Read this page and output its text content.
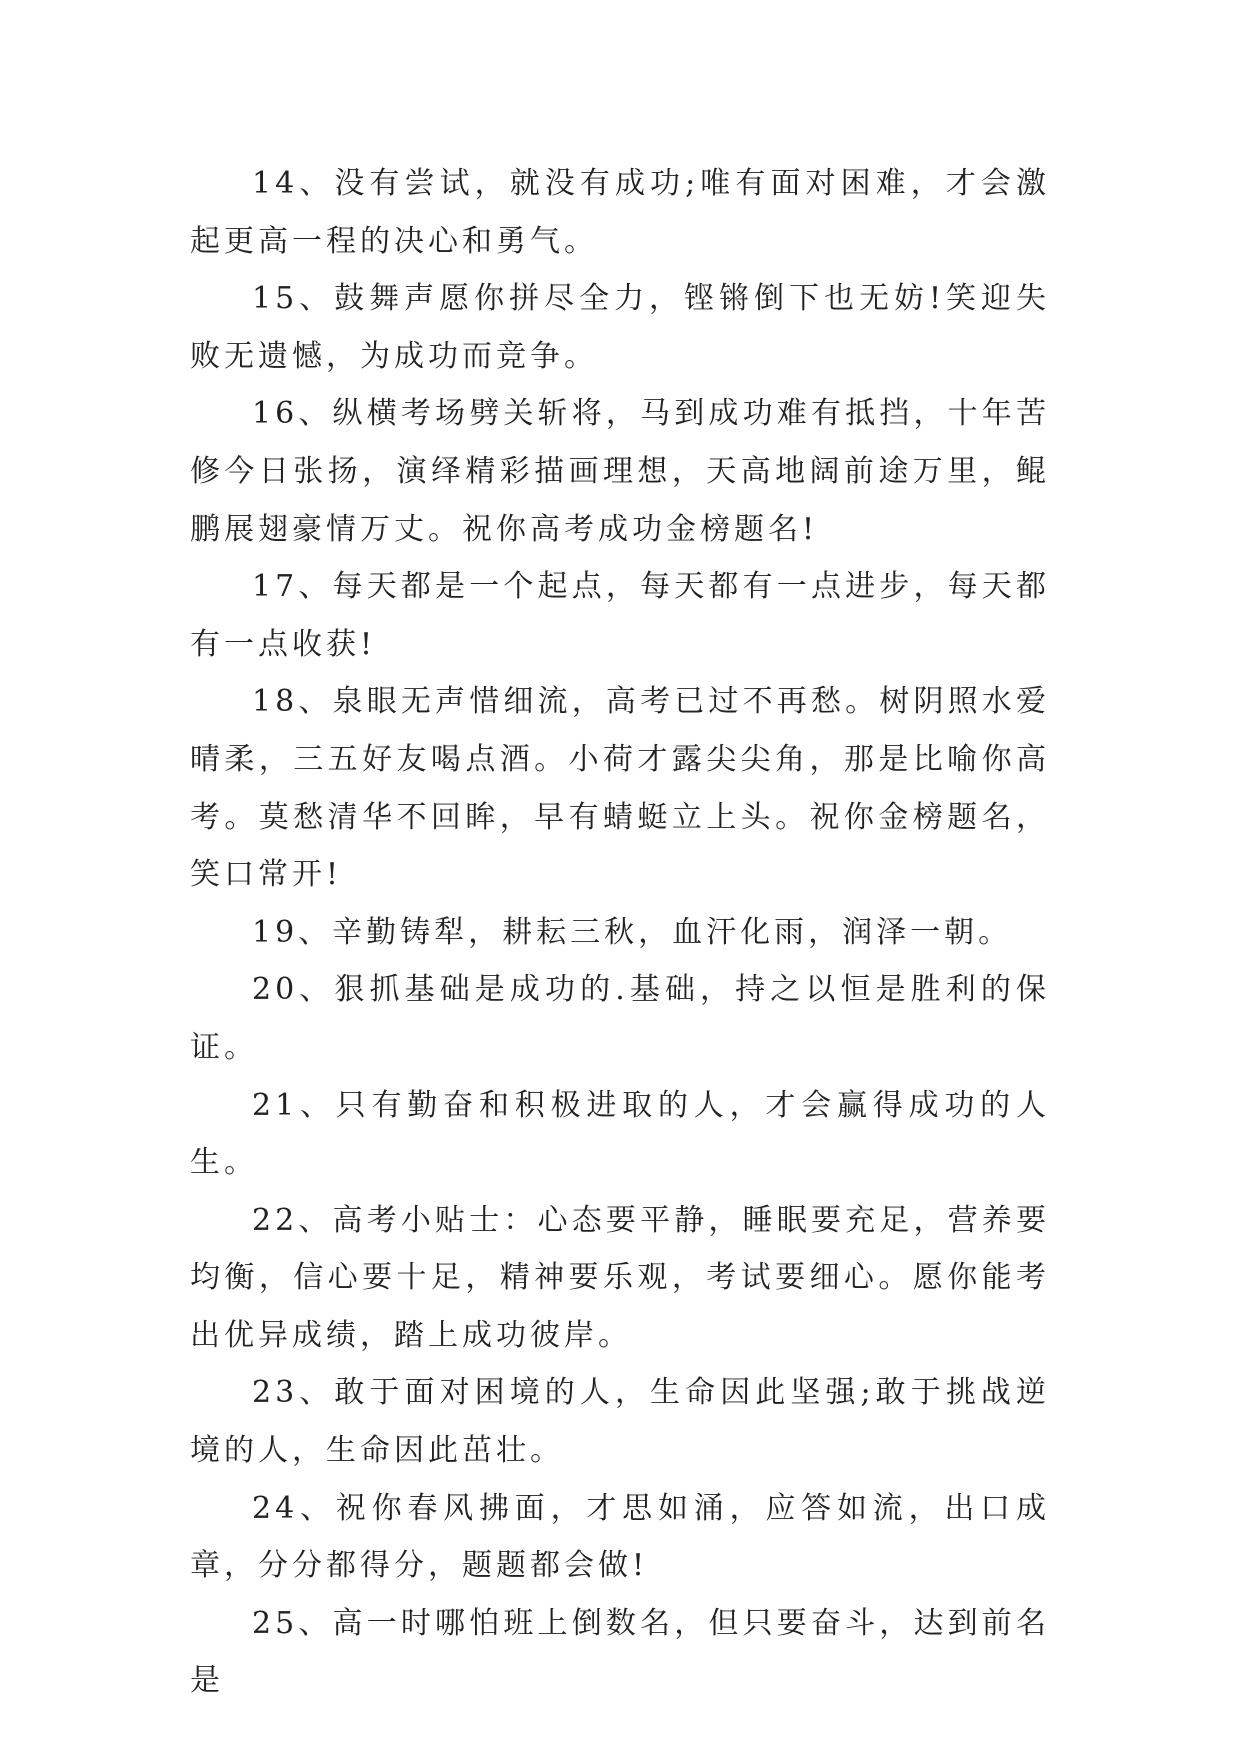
14、没有尝试，就没有成功;唯有面对困难，才会激起更高一程的决心和勇气。

15、鼓舞声愿你拼尽全力，铿锵倒下也无妨!笑迎失败无遗憾，为成功而竞争。

16、纵横考场劈关斩将，马到成功难有抵挡，十年苦修今日张扬，演绎精彩描画理想，天高地阔前途万里，鲲鹏展翅豪情万丈。祝你高考成功金榜题名!

17、每天都是一个起点，每天都有一点进步，每天都有一点收获!

18、泉眼无声惜细流，高考已过不再愁。树阴照水爱晴柔，三五好友喝点酒。小荷才露尖尖角，那是比喻你高考。莫愁清华不回眸，早有蜻蜓立上头。祝你金榜题名，笑口常开!

19、辛勤铸犁，耕耘三秋，血汗化雨，润泽一朝。

20、狠抓基础是成功的.基础，持之以恒是胜利的保证。

21、只有勤奋和积极进取的人，才会赢得成功的人生。

22、高考小贴士：心态要平静，睡眠要充足，营养要均衡，信心要十足，精神要乐观，考试要细心。愿你能考出优异成绩，踏上成功彼岸。

23、敢于面对困境的人，生命因此坚强;敢于挑战逆境的人，生命因此茁壮。

24、祝你春风拂面，才思如涌，应答如流，出口成章，分分都得分，题题都会做!

25、高一时哪怕班上倒数名，但只要奋斗，达到前名是
